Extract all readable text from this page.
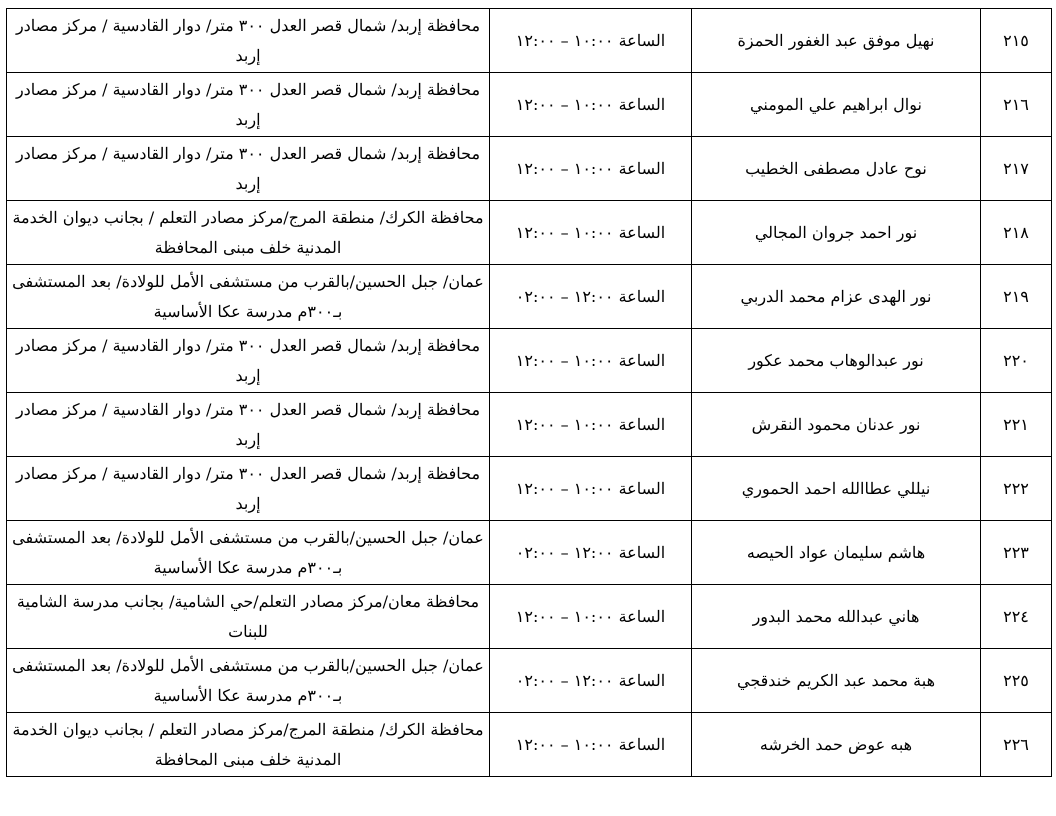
محافظة إربد/ شمال قصر العدل ٣٠٠ متر/ دوار القادسية / مركز مصادر إربد	الساعة ١٠:٠٠ – ١٢:٠٠	نهيل موفق عبد الغفور الحمزة	٢١٥

محافظة إربد/ شمال قصر العدل ٣٠٠ متر/ دوار القادسية / مركز مصادر إربد	الساعة ١٠:٠٠ – ١٢:٠٠	نوال ابراهيم علي المومني	٢١٦

محافظة إربد/ شمال قصر العدل ٣٠٠ متر/ دوار القادسية / مركز مصادر إربد	الساعة ١٠:٠٠ – ١٢:٠٠	نوح عادل مصطفى الخطيب	٢١٧

محافظة الكرك/ منطقة المرج/مركز مصادر التعلم / بجانب ديوان الخدمة المدنية خلف مبنى المحافظة	الساعة ١٠:٠٠ – ١٢:٠٠	نور احمد جروان المجالي	٢١٨

عمان/ جبل الحسين/بالقرب من مستشفى الأمل للولادة/ بعد المستشفى بـ٣٠٠م مدرسة عكا الأساسية	الساعة ١٢:٠٠ – ٠٢:٠٠	نور الهدى عزام محمد الدربي	٢١٩

محافظة إربد/ شمال قصر العدل ٣٠٠ متر/ دوار القادسية / مركز مصادر إربد	الساعة ١٠:٠٠ – ١٢:٠٠	نور عبدالوهاب محمد عكور	٢٢٠

محافظة إربد/ شمال قصر العدل ٣٠٠ متر/ دوار القادسية / مركز مصادر إربد	الساعة ١٠:٠٠ – ١٢:٠٠	نور عدنان محمود النقرش	٢٢١

محافظة إربد/ شمال قصر العدل ٣٠٠ متر/ دوار القادسية / مركز مصادر إربد	الساعة ١٠:٠٠ – ١٢:٠٠	نيللي عطاالله احمد الحموري	٢٢٢

عمان/ جبل الحسين/بالقرب من مستشفى الأمل للولادة/ بعد المستشفى بـ٣٠٠م مدرسة عكا الأساسية	الساعة ١٢:٠٠ – ٠٢:٠٠	هاشم سليمان عواد الحيصه	٢٢٣

محافظة معان/مركز مصادر التعلم/حي الشامية/ بجانب مدرسة الشامية للبنات	الساعة ١٠:٠٠ – ١٢:٠٠	هاني عبدالله محمد البدور	٢٢٤

عمان/ جبل الحسين/بالقرب من مستشفى الأمل للولادة/ بعد المستشفى بـ٣٠٠م مدرسة عكا الأساسية	الساعة ١٢:٠٠ – ٠٢:٠٠	هبة محمد عبد الكريم خندقجي	٢٢٥

محافظة الكرك/ منطقة المرج/مركز مصادر التعلم / بجانب ديوان الخدمة المدنية خلف مبنى المحافظة	الساعة ١٠:٠٠ – ١٢:٠٠	هبه عوض حمد الخرشه	٢٢٦
